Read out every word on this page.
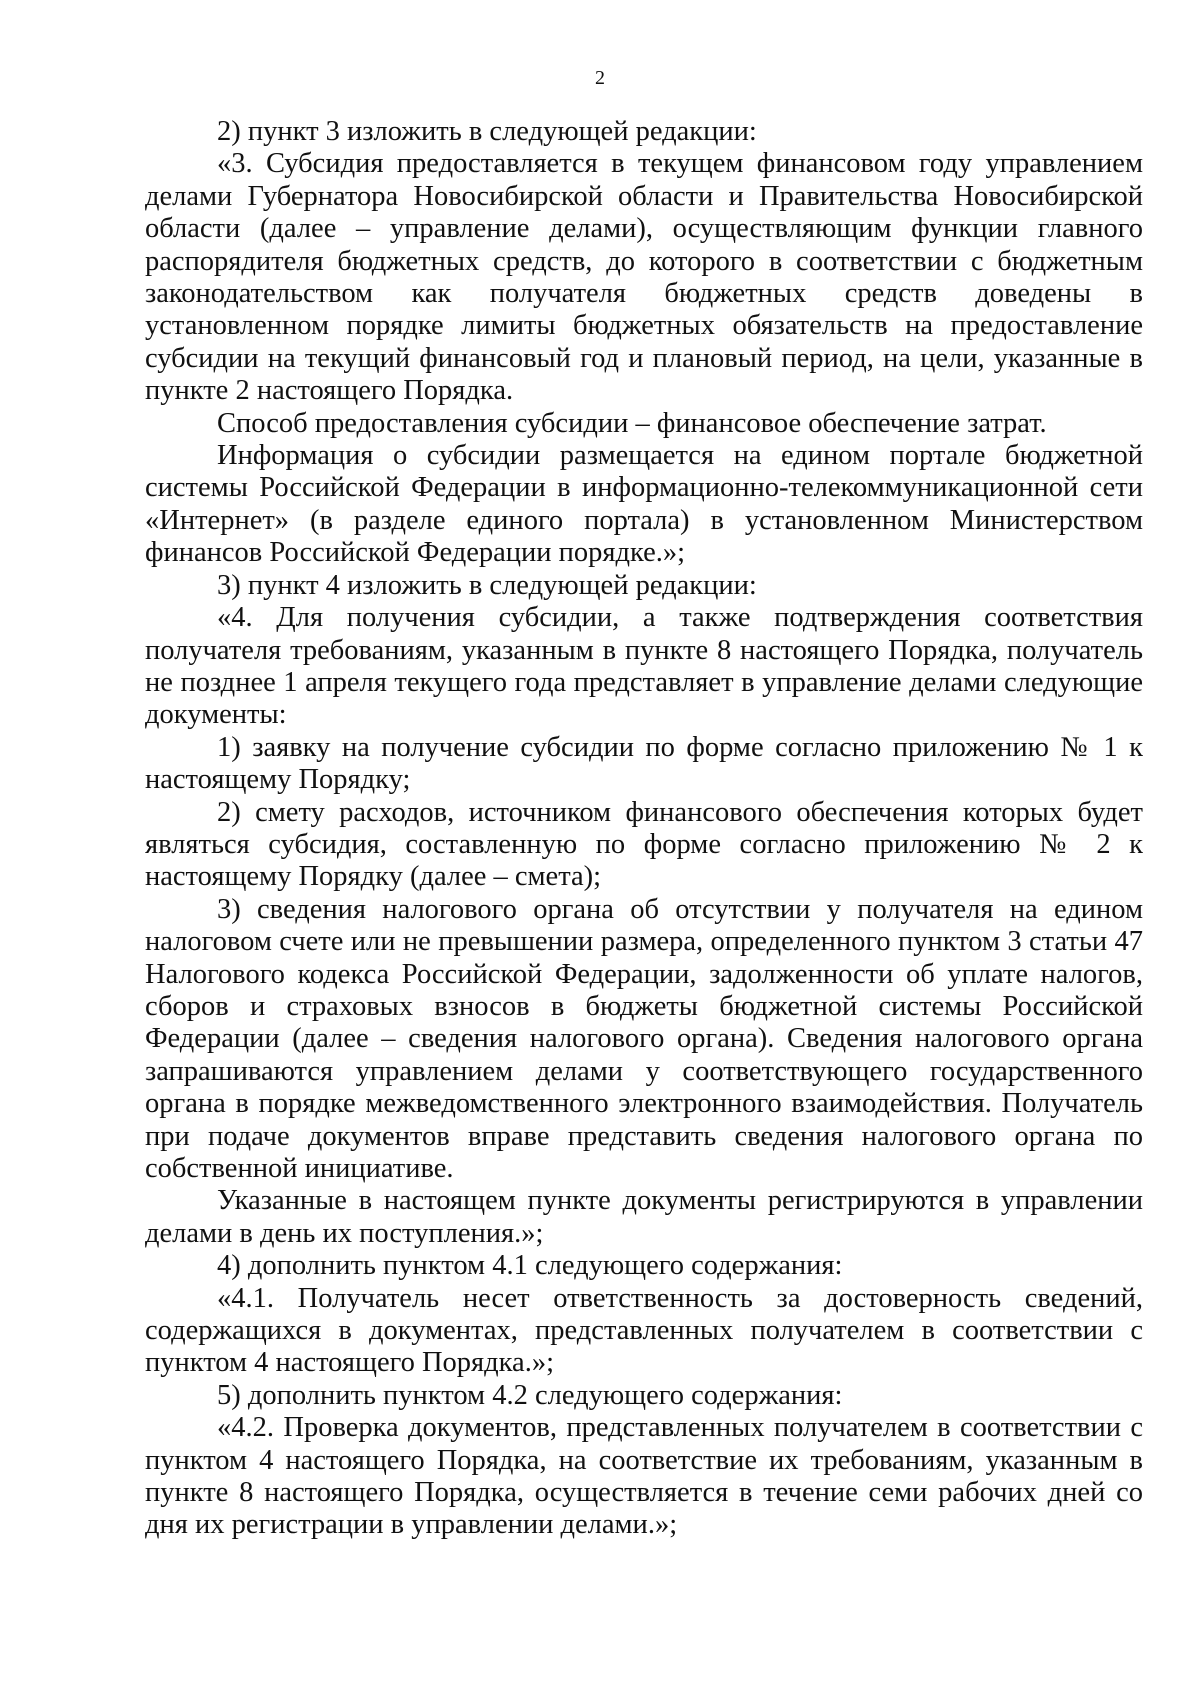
2

2) пункт 3 изложить в следующей редакции:

«3. Субсидия предоставляется в текущем финансовом году управлением делами Губернатора Новосибирской области и Правительства Новосибирской области (далее – управление делами), осуществляющим функции главного распорядителя бюджетных средств, до которого в соответствии с бюджетным законодательством как получателя бюджетных средств доведены в установленном порядке лимиты бюджетных обязательств на предоставление субсидии на текущий финансовый год и плановый период, на цели, указанные в пункте 2 настоящего Порядка.

Способ предоставления субсидии – финансовое обеспечение затрат.

Информация о субсидии размещается на едином портале бюджетной системы Российской Федерации в информационно-телекоммуникационной сети «Интернет» (в разделе единого портала) в установленном Министерством финансов Российской Федерации порядке.»;

3) пункт 4 изложить в следующей редакции:

«4. Для получения субсидии, а также подтверждения соответствия получателя требованиям, указанным в пункте 8 настоящего Порядка, получатель не позднее 1 апреля текущего года представляет в управление делами следующие документы:

1) заявку на получение субсидии по форме согласно приложению № 1 к настоящему Порядку;

2) смету расходов, источником финансового обеспечения которых будет являться субсидия, составленную по форме согласно приложению № 2 к настоящему Порядку (далее – смета);

3) сведения налогового органа об отсутствии у получателя на едином налоговом счете или не превышении размера, определенного пунктом 3 статьи 47 Налогового кодекса Российской Федерации, задолженности об уплате налогов, сборов и страховых взносов в бюджеты бюджетной системы Российской Федерации (далее – сведения налогового органа). Сведения налогового органа запрашиваются управлением делами у соответствующего государственного органа в порядке межведомственного электронного взаимодействия. Получатель при подаче документов вправе представить сведения налогового органа по собственной инициативе.

Указанные в настоящем пункте документы регистрируются в управлении делами в день их поступления.»;

4) дополнить пунктом 4.1 следующего содержания:

«4.1. Получатель несет ответственность за достоверность сведений, содержащихся в документах, представленных получателем в соответствии с пунктом 4 настоящего Порядка.»;

5) дополнить пунктом 4.2 следующего содержания:

«4.2. Проверка документов, представленных получателем в соответствии с пунктом 4 настоящего Порядка, на соответствие их требованиям, указанным в пункте 8 настоящего Порядка, осуществляется в течение семи рабочих дней со дня их регистрации в управлении делами.»;
